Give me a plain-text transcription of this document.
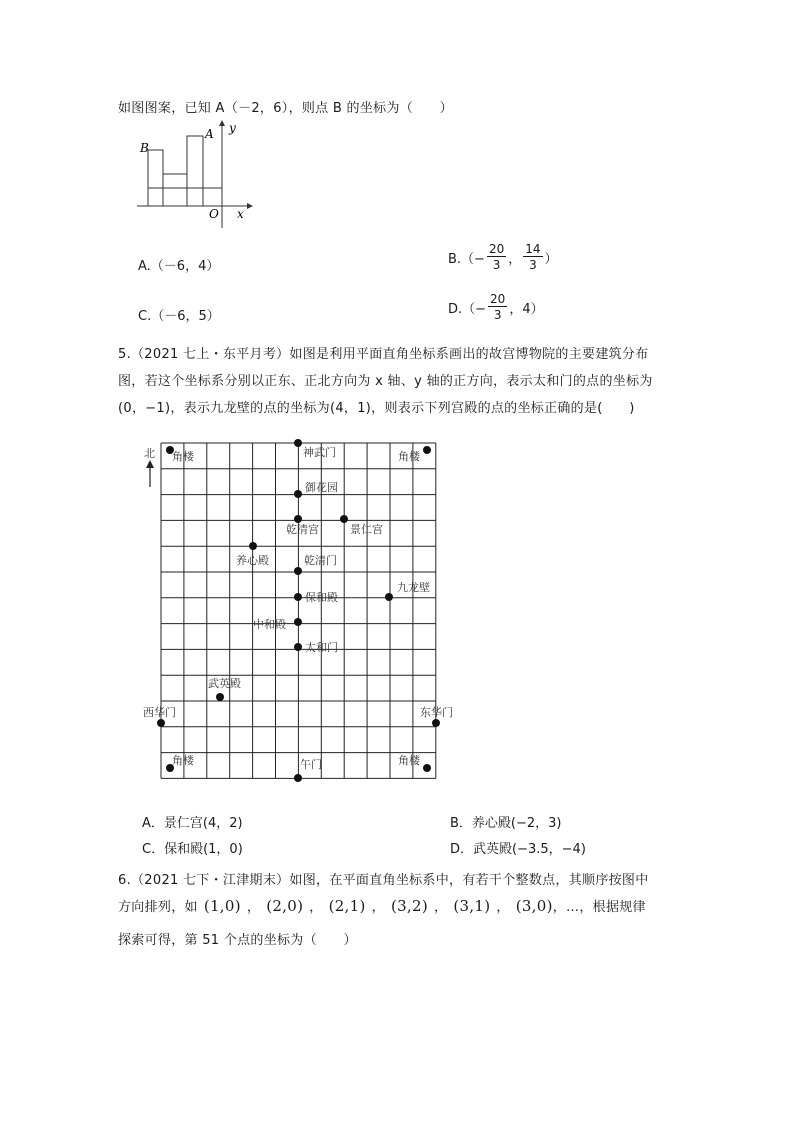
如图图案，已知 A（－2，6），则点 B 的坐标为（　　）
A
B
y
x
O
A.（－6，4）	$B.(- \frac{20}{3}$ ， $\frac{14}{3}$ ）
C.（－6，5）	$D.(- \frac{20}{3}$ ，4）
5.（2021 七上・东平月考）如图是利用平面直角坐标系画出的故宫博物院的主要建筑分布
图，若这个坐标系分别以正东、正北方向为 x 轴、y 轴的正方向，表示太和门的点的坐标为
(0，−1)，表示九龙壁的点的坐标为(4，1)，则表示下列宫殿的点的坐标正确的是(　　)
北 角楼	神武门	角楼
御花园
乾清宫	景仁宫
养心殿	乾清门
保和殿
九龙壁
中和殿
太和门
武英殿
西华门	东华门
角楼	午门	角楼
A．景仁宫(4，2)	B．养心殿(−2，3)
C．保和殿(1，0)	D．武英殿(−3.5，−4)
6.（2021 七下・江津期末）如图，在平面直角坐标系中，有若干个整数点，其顺序按图中
方向排列，如 (1,0) ， (2,0) ， (2,1) ， (3,2) ， (3,1) ， (3,0) ，…，根据规律
探索可得，第 51 个点的坐标为（　　）
